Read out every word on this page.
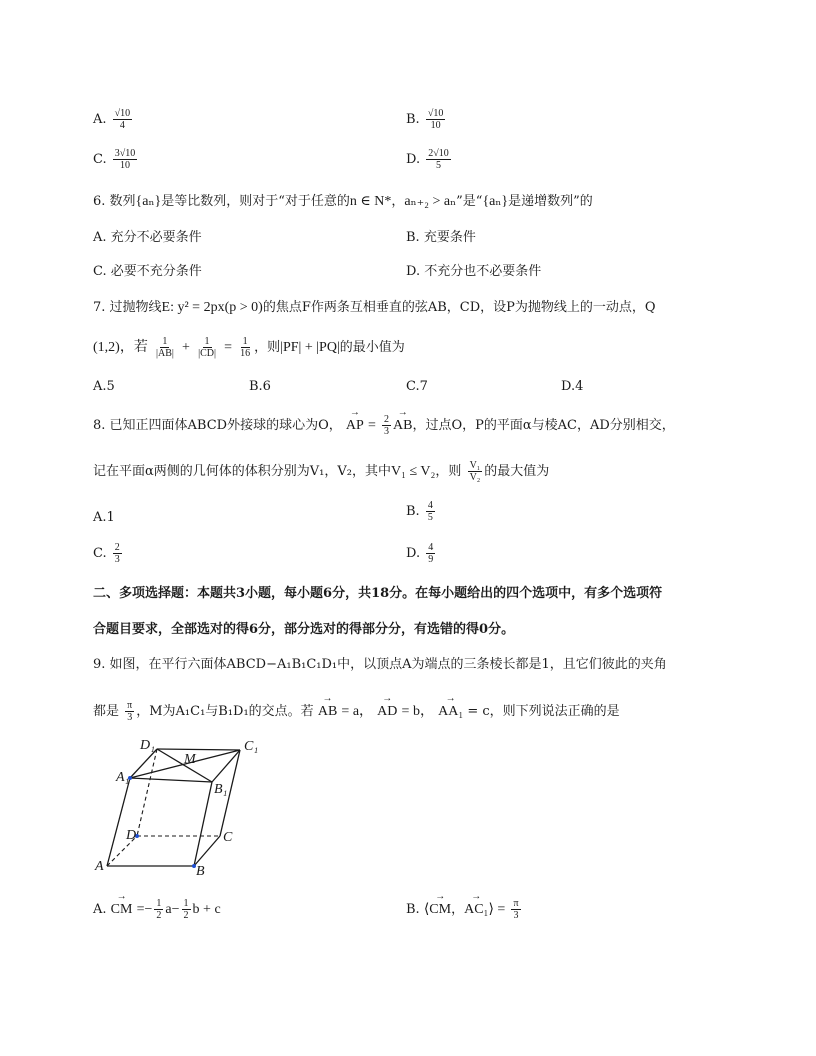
A. $\frac{√10}{4}$	B. $\frac{√10}{10}$
C. $\frac{3√10}{10}$	D. $\frac{2√10}{5}$
6. 数列{aₙ}是等比数列，则对于“对于任意的n ∈ N*，aₙ₊₂ > aₙ”是“{aₙ}是递增数列”的
A. 充分不必要条件	B. 充要条件
C. 必要不充分条件	D. 不充分也不必要条件
7. 过抛物线E: y² = 2px(p > 0)的焦点F作两条互相垂直的弦AB，CD，设P为抛物线上的一动点，Q
(1,2)，若 $\frac{1}{|AB|} + \frac{1}{|CD|} = \frac{1}{16}$ ，则|PF| + |PQ|的最小值为
A.5	B.6	C.7	D.4
8. 已知正四面体ABCD外接球的球心为O， → AP = $\frac{2}{3}$ → AB，过点O，P的平面α与棱AC，AD分别相交，
记在平面α两侧的几何体的体积分别为V₁，V₂，其中V₁ ≤ V₂，则 $\frac{\text{V₁}}{\text{V₂}}$ 的最大值为
A.1	B. $\frac{4}{5}$
C. $\frac{2}{3}$	D. $\frac{4}{9}$
二、多项选择题：本题共3小题，每小题6分，共18分。在每小题给出的四个选项中，有多个选项符
合题目要求，全部选对的得6分，部分选对的得部分分，有选错的得0分。
9. 如图，在平行六面体ABCD−A₁B₁C₁D₁中，以顶点A为端点的三条棱长都是1，且它们彼此的夹角
都是 $\frac{\pi}{3}$ ，M为A₁C₁与B₁D₁的交点。若 → AB = a， → AD = b， → AA₁ = c，则下列说法正确的是
D₁	C₁
M
A₁
B₁
D	C
A	B
A. → CM =− $\frac{1}{2} a- \frac{1}{2}$ b + c	B. ⟨→ CM，→ AC₁⟩ = $\frac{\pi}{3}$
